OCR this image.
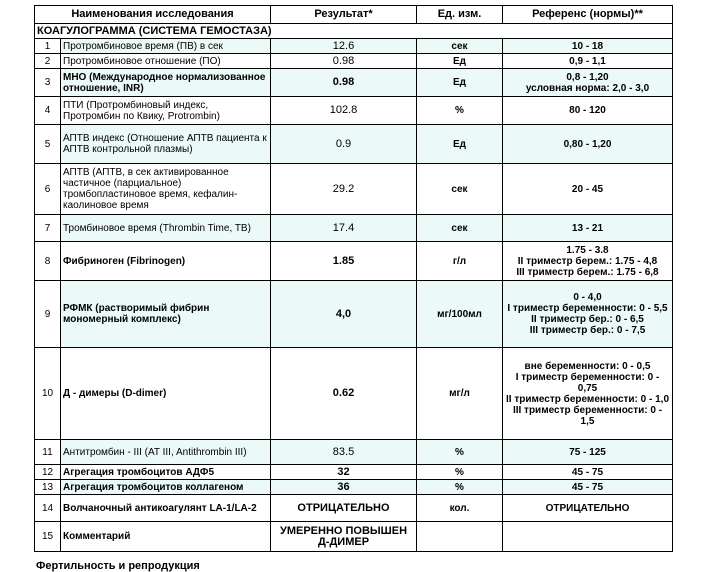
Наименования исследования		Результат*	Ед. изм.	Референс (нормы)**
КОАГУЛОГРАММА (СИСТЕМА ГЕМОСТАЗА)				
1	Протромбиновое время (ПВ) в сек	12.6	сек	10 - 18

2	Протромбиновое отношение (ПО)	0.98	Ед	0,9 - 1,1

3	МНО (Международное нормализованное отношение, INR)	0.98	Ед	0,8 - 1,20
условная норма: 2,0 - 3,0

4	ПТИ (Протромбиновый индекс, Протромбин по Квику, Protrombin)	102.8	%	80 - 120

5	АПТВ индекс (Отношение АПТВ пациента к АПТВ контрольной плазмы)	0.9	Ед	0,80 - 1,20

6	АПТВ (АПТВ, в сек активированное частичное (парциальное) тромбопластиновое время, кефалин-каолиновое время	29.2	сек	20 - 45

7	Тромбиновое время (Thrombin Time, TB)	17.4	сек	13 - 21

8	Фибриноген (Fibrinogen)	1.85	г/л	1.75 - 3.8
II триместр берем.: 1.75 - 4,8
III триместр берем.: 1.75 - 6,8

9	РФМК (растворимый фибрин мономерный комплекс)	4,0	мг/100мл	0 - 4,0
I триместр беременности: 0 - 5,5
II триместр бер.: 0 - 6,5
III триместр бер.: 0 - 7,5

10	Д - димеры (D-dimer)	0.62	мг/л	вне беременности: 0 - 0,5
I триместр беременности: 0 - 0,75
II триместр беременности: 0 - 1,0
III триместр беременности: 0 - 1,5

11	Антитромбин - III (AT III, Antithrombin III)	83.5	%	75 - 125

12	Агрегация тромбоцитов АДФ5	32	%	45 - 75

13	Агрегация тромбоцитов коллагеном	36	%	45 - 75

14	Волчаночный антикоагулянт LA-1/LA-2	ОТРИЦАТЕЛЬНО	кол.	ОТРИЦАТЕЛЬНО

15	Комментарий	УМЕРЕННО ПОВЫШЕН Д-ДИМЕР		
Фертильность и репродукция
